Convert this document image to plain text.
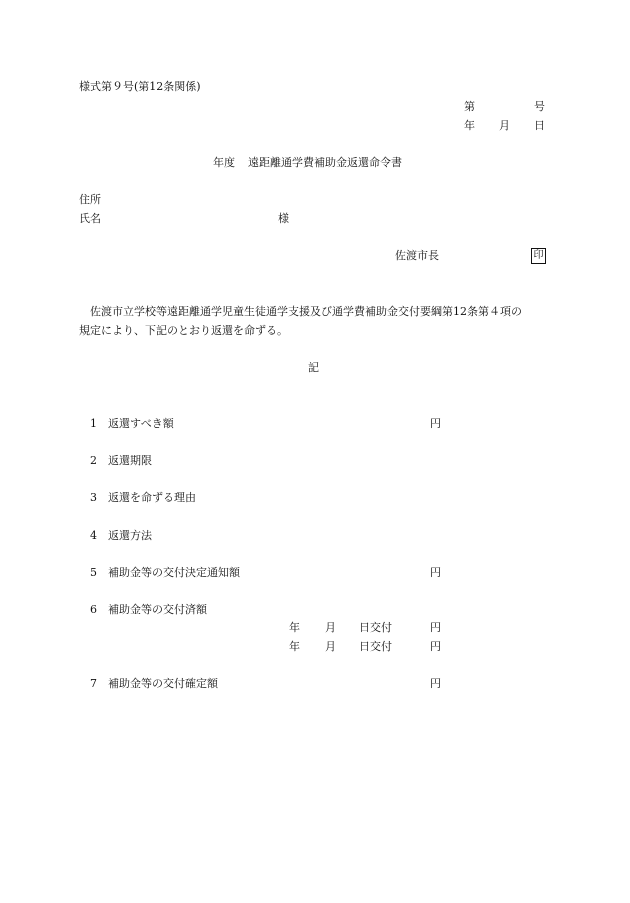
様式第９号(第12条関係)
第	号
年 月 日
年度 遠距離通学費補助金返還命令書
住所
氏名	様
佐渡市長	印
佐渡市立学校等遠距離通学児童生徒通学支援及び通学費補助金交付要綱第12条第４項の
規定により、下記のとおり返還を命ずる。
記
1 返還すべき額	円
2 返還期限
3 返還を命ずる理由
4 返還方法
5 補助金等の交付決定通知額	円
6 補助金等の交付済額
年 月 日交付	円
年 月 日交付	円
7 補助金等の交付確定額	円
